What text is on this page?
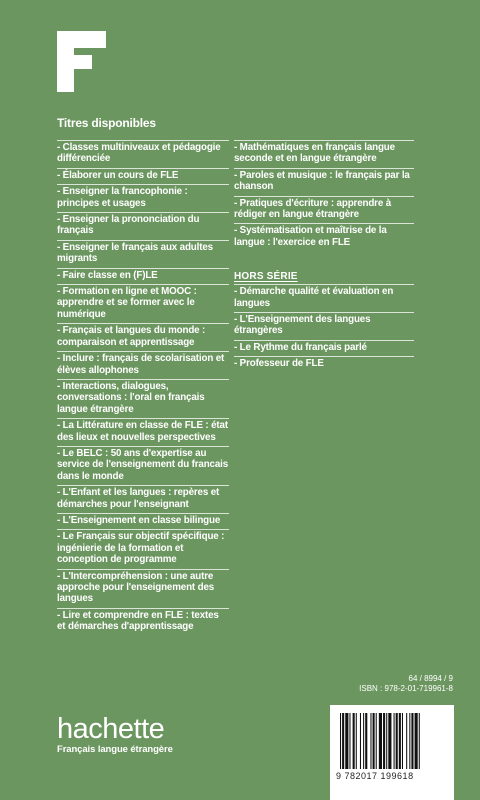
Titres disponibles
- Classes multiniveaux et pédagogie différenciée
- Élaborer un cours de FLE
- Enseigner la francophonie : principes et usages
- Enseigner la prononciation du français
- Enseigner le français aux adultes migrants
- Faire classe en (F)LE
- Formation en ligne et MOOC : apprendre et se former avec le numérique
- Français et langues du monde : comparaison et apprentissage
- Inclure : français de scolarisation et élèves allophones
- Interactions, dialogues, conversations : l'oral en français langue étrangère
- La Littérature en classe de FLE : état des lieux et nouvelles perspectives
- Le BELC : 50 ans d'expertise au service de l'enseignement du francais dans le monde
- L'Enfant et les langues : repères et démarches pour l'enseignant
- L'Enseignement en classe bilingue
- Le Français sur objectif spécifique : ingénierie de la formation et conception de programme
- L'Intercompréhension : une autre approche pour l'enseignement des langues
- Lire et comprendre en FLE : textes et démarches d'apprentissage
- Mathématiques en français langue seconde et en langue étrangère
- Paroles et musique : le français par la chanson
- Pratiques d'écriture : apprendre à rédiger en langue étrangère
- Systématisation et maîtrise de la langue : l'exercice en FLE
HORS SÉRIE
- Démarche qualité et évaluation en langues
- L'Enseignement des langues étrangères
- Le Rythme du français parlé
- Professeur de FLE
hachette
Français langue étrangère
64 / 8994 / 9
ISBN : 978-2-01-719961-8
9 782017 199618
